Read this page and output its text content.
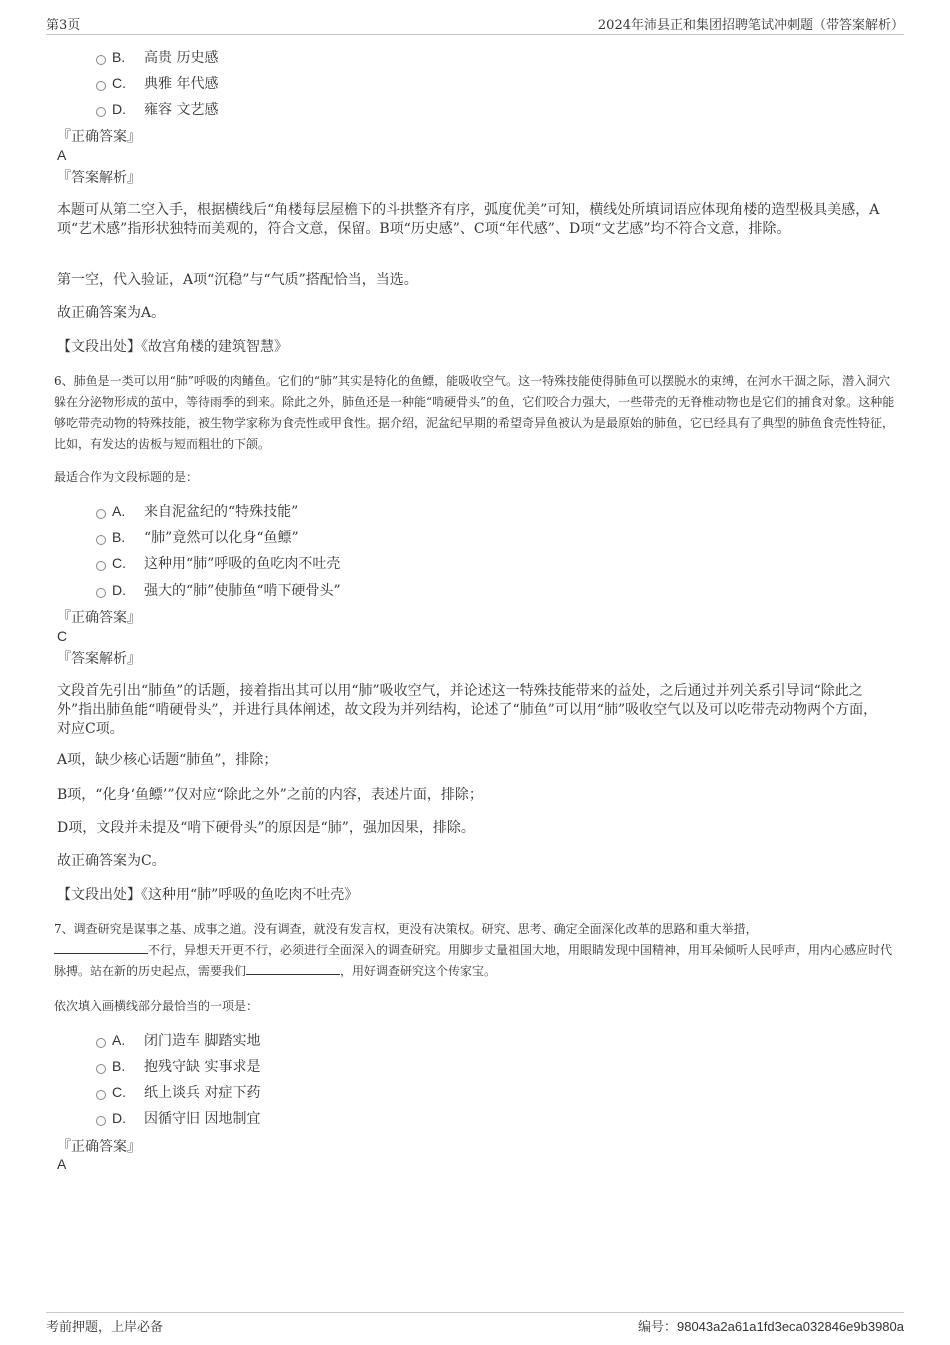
第3页	2024年沛县正和集团招聘笔试冲刺题（带答案解析）
B. 高贵 历史感
C. 典雅 年代感
D. 雍容 文艺感
『正确答案』
A
『答案解析』
本题可从第二空入手，根据横线后“角楼每层屋檐下的斗拱整齐有序，弧度优美”可知，横线处所填词语应体现角楼的造型极具美感，A项“艺术感”指形状独特而美观的，符合文意，保留。B项“历史感”、C项“年代感”、D项“文艺感”均不符合文意，排除。
第一空，代入验证，A项“沉稳”与“气质”搭配恰当，当选。
故正确答案为A。
【文段出处】《故宫角楼的建筑智慧》
6、肺鱼是一类可以用“肺”呼吸的肉鳍鱼。它们的“肺”其实是特化的鱼鳔，能吸收空气。这一特殊技能使得肺鱼可以摆脱水的束缚，在河水干涸之际，潜入洞穴躲在分泌物形成的茧中，等待雨季的到来。除此之外，肺鱼还是一种能“啃硬骨头”的鱼，它们咬合力强大，一些带壳的无脊椎动物也是它们的捕食对象。这种能够吃带壳动物的特殊技能，被生物学家称为食壳性或甲食性。据介绍，泥盆纪早期的希望奇异鱼被认为是最原始的肺鱼，它已经具有了典型的肺鱼食壳性特征，比如，有发达的齿板与短而粗壮的下颌。
最适合作为文段标题的是：
A. 来自泥盆纪的“特殊技能”
B. “肺”竟然可以化身“鱼鳔”
C. 这种用“肺”呼吸的鱼吃肉不吐壳
D. 强大的“肺”使肺鱼“啃下硬骨头”
『正确答案』
C
『答案解析』
文段首先引出“肺鱼”的话题，接着指出其可以用“肺”吸收空气，并论述这一特殊技能带来的益处，之后通过并列关系引导词“除此之外”指出肺鱼能“啃硬骨头”，并进行具体阐述，故文段为并列结构，论述了“肺鱼”可以用“肺”吸收空气以及可以吃带壳动物两个方面，对应C项。
A项，缺少核心话题“肺鱼”，排除；
B项，“化身‘鱼鳔’”仅对应“除此之外”之前的内容，表述片面，排除；
D项，文段并未提及“啃下硬骨头”的原因是“肺”，强加因果，排除。
故正确答案为C。
【文段出处】《这种用“肺”呼吸的鱼吃肉不吐壳》
7、调查研究是谋事之基、成事之道。没有调查，就没有发言权，更没有决策权。研究、思考、确定全面深化改革的思路和重大举措，
不行，异想天开更不行，必须进行全面深入的调查研究。用脚步丈量祖国大地，用眼睛发现中国精神，用耳朵倾听人民呼声，用内心感应时代脉搏。站在新的历史起点，需要我们	，用好调查研究这个传家宝。
依次填入画横线部分最恰当的一项是：
A. 闭门造车 脚踏实地
B. 抱残守缺 实事求是
C. 纸上谈兵 对症下药
D. 因循守旧 因地制宜
『正确答案』
A
考前押题，上岸必备	编号：98043a2a61a1fd3eca032846e9b3980a
